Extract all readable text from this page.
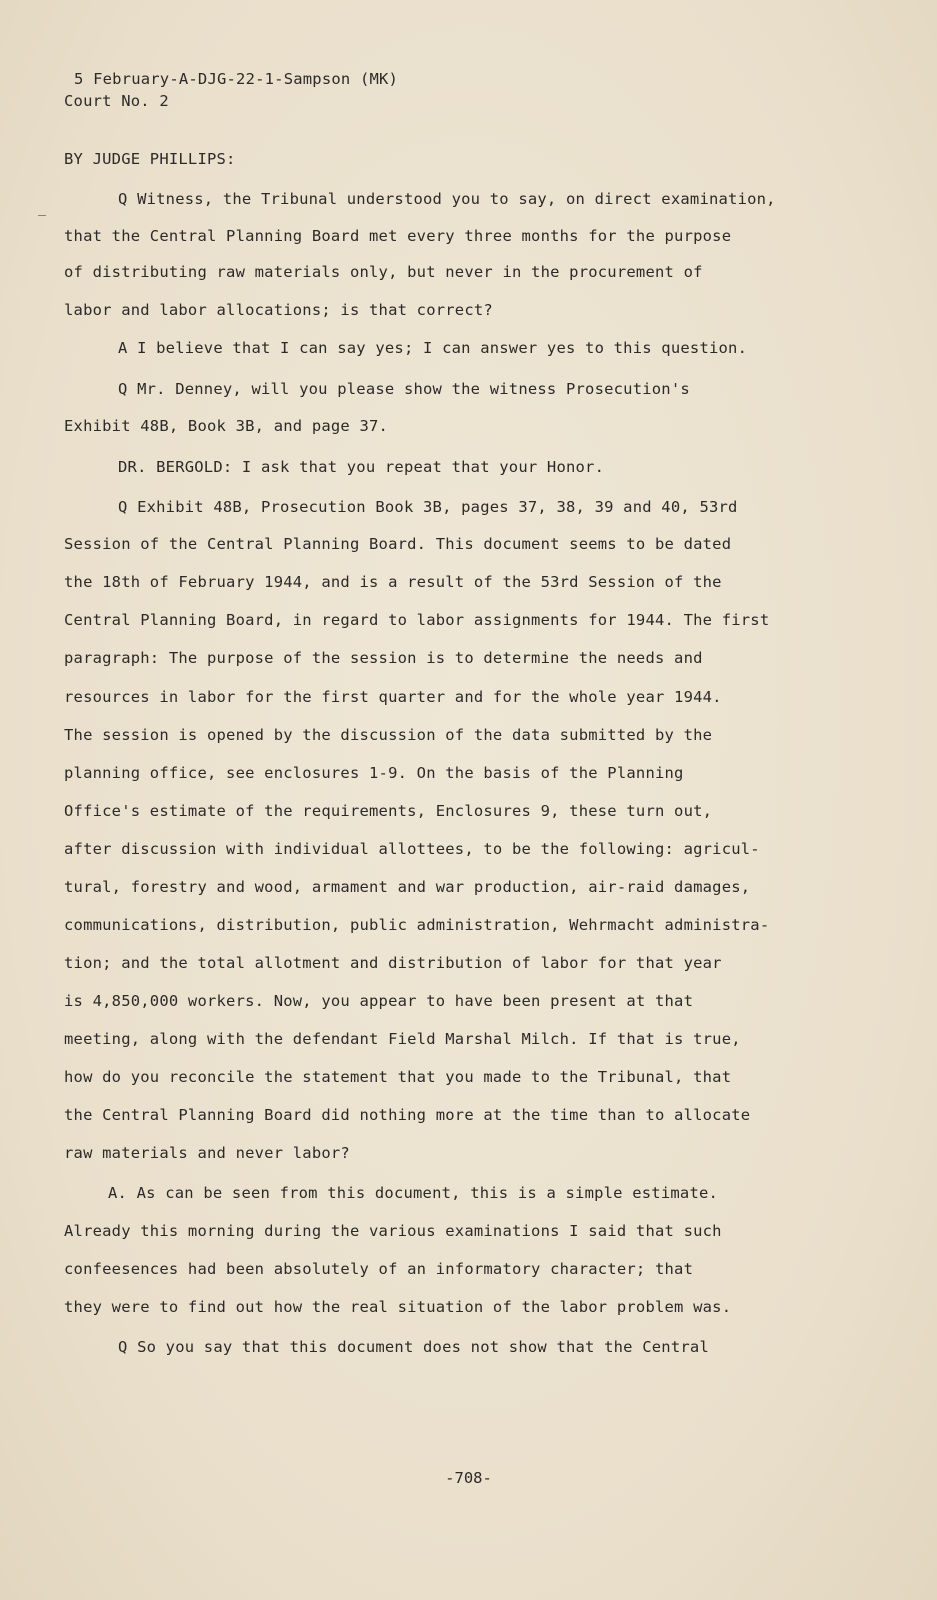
5 February-A-DJG-22-1-Sampson (MK)
Court No. 2
BY JUDGE PHILLIPS:
Q Witness, the Tribunal understood you to say, on direct examination,
that the Central Planning Board met every three months for the purpose
of distributing raw materials only, but never in the procurement of
labor and labor allocations; is that correct?
A I believe that I can say yes; I can answer yes to this question.
Q Mr. Denney, will you please show the witness Prosecution's
Exhibit 48B, Book 3B, and page 37.
DR. BERGOLD: I ask that you repeat that your Honor.
Q Exhibit 48B, Prosecution Book 3B, pages 37, 38, 39 and 40, 53rd
Session of the Central Planning Board. This document seems to be dated
the 18th of February 1944, and is a result of the 53rd Session of the
Central Planning Board, in regard to labor assignments for 1944. The first
paragraph: The purpose of the session is to determine the needs and
resources in labor for the first quarter and for the whole year 1944.
The session is opened by the discussion of the data submitted by the
planning office, see enclosures 1-9. On the basis of the Planning
Office's estimate of the requirements, Enclosures 9, these turn out,
after discussion with individual allottees, to be the following: agricul-
tural, forestry and wood, armament and war production, air-raid damages,
communications, distribution, public administration, Wehrmacht administra-
tion; and the total allotment and distribution of labor for that year
is 4,850,000 workers. Now, you appear to have been present at that
meeting, along with the defendant Field Marshal Milch. If that is true,
how do you reconcile the statement that you made to the Tribunal, that
the Central Planning Board did nothing more at the time than to allocate
raw materials and never labor?
A. As can be seen from this document, this is a simple estimate.
Already this morning during the various examinations I said that such
confeesences had been absolutely of an informatory character; that
they were to find out how the real situation of the labor problem was.
Q So you say that this document does not show that the Central
-708-
